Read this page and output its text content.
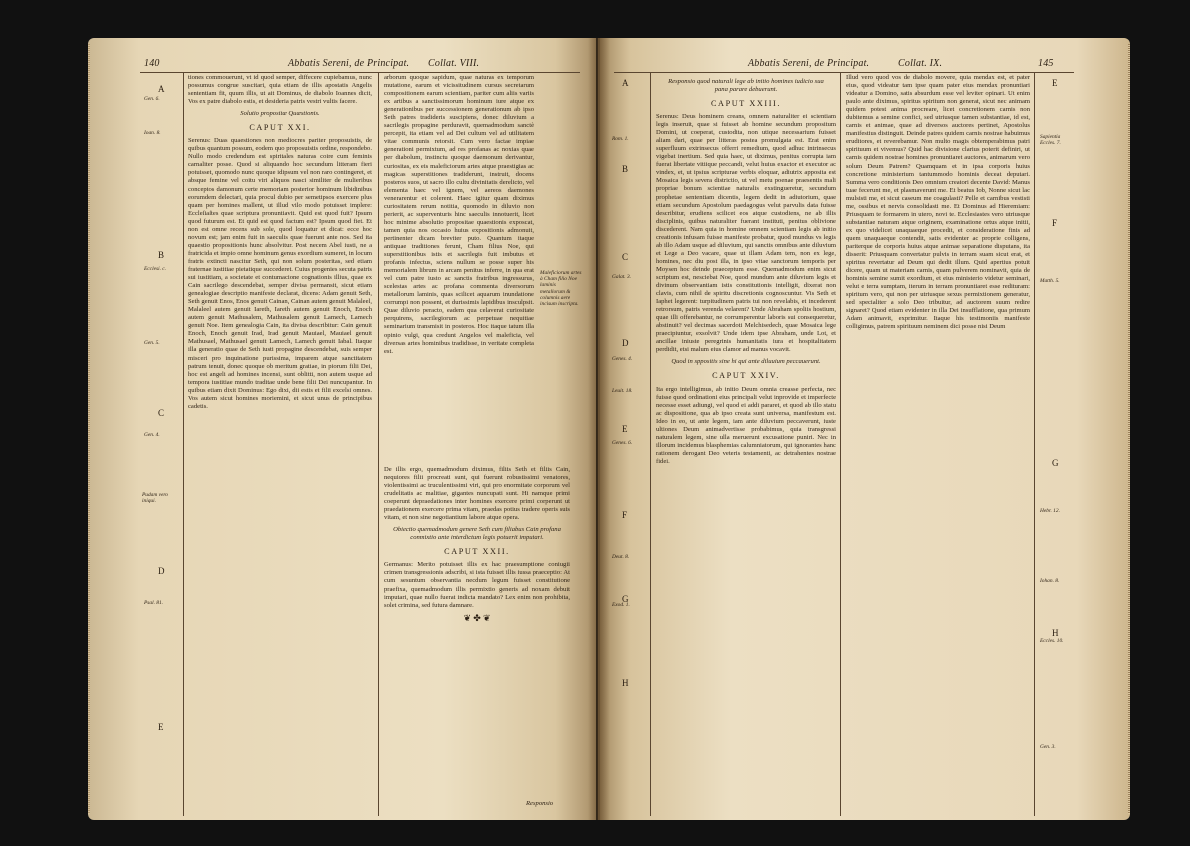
140	Abbatis Sereni, de Principat. Collat. VIII.
A
B
C
D
E
Gen. 6.
Ioan. 8.
Ecclesi. c.
Gen. 5.
Gen. 4.
Pudam vero iniqui.
Psal. 81.
tiones commouerunt, vt id quod semper, diffecere cupiebamus, nunc possumus congrue suscitari, quia etiam de illis apostatis Angelis sententiam fit, quum illis, ut ait Dominus, de diabolo Ioannes dicit, Vos ex patre diabolo estis, et desideria patris vestri vultis facere.
Solutio propositæ Quæstionis.
CAPUT XXI.
Serenus: Duas quaestiones non mediocres pariter proposuistis, de quibus quantum possum, eodem quo proposuistis ordine, respondebo. Nullo modo credendum est spiritales naturas coire cum feminis carnaliter posse. Quod si aliquando hoc secundum litteram fieri potuisset, quomodo nunc quoque idipsum vel non raro contingeret, et absque femine vel coitu viri aliquos nasci similiter de mulieribus conceptos damonum certe memoriam posterior hominum libidinibus eorumdem delectari, quia procul dubio per semetipsos exercere plus quam per homines mallent, ut illud vilo modo potuisset implere: Eccleſiaſtes quae scriptura pronuntiavit. Quid est quod fuit? Ipsum quod futurum est. Et quid est quod factum est? Ipsum quod fiet. Et non est omne recens sub sole, quod loquatur et dicat: ecce hoc novum est; jam enim fuit in saeculis quae fuerunt ante nos. Sed ita quaestio propositionis hunc absolvitur. Post necem Abel iusti, ne a fratricida et impio omne hominum genus exordium sumeret, in locum fratris extincti nascitur Seth, qui non solum posteritas, sed etiam fraternae iustitiae pietatique succederet. Cuius progenies secuta patris sui iustitiam, a societate et contumacione cognationis illius, quae ex Cain sacrilego descendebat, semper divisa permansit, sicut etiam genealogiae descriptio manifeste declarat, dicens: Adam genuit Seth, Seth genuit Enos, Enos genuit Cainan, Cainan autem genuit Malaleel, Malaleel autem genuit Iareth, Iareth autem genuit Enoch, Enoch autem genuit Mathusalem, Mathusalem genuit Lamech, Lamech genuit Noe. Item genealogia Cain, ita divisa describitur: Cain genuit Enoch, Enoch genuit Irad, Irad genuit Mauiael, Mauiael genuit Mathusael, Mathusael genuit Lamech, Lamech genuit Iabal. Itaque illa generatio quae de Seth iusti propagine descendebat, suis semper misceri pro inquinatione purissima, imparem atque sanctitatem patrum tenuit, donec quoque ob meritum gratiae, in piorum filii Dei, hoc est angeli ad homines incensi, sunt oblitti, non autem usque ad tempora iustitiae mundo traditae unde bene filii Dei nuncupantur. In quibus etiam dixit Dominus: Ego dixi, dii estis et filii excelsi omnes. Vos autem sicut homines moriemini, et sicut unus de principibus cadetis.
arborum quoque sapidum, quae naturas ex temporum mutatione, earum et vicissitudinem cursus secretarum compositionem earum scientiam, pariter cum aliis variis ex artibus a sanctissimorum hominum iure atque ex generationibus per successionem generationum ab ipso Seth patres tradideris suscipiens, donec diluvium a sacrilegis propagine perduravit, quemadmodum sanctè percepit, ita etiam vel ad Dei cultum vel ad utilitatem vitae communis retorsit. Cum vero factae impiae generationi permixtum, ad res profanas ac noxias quae per diabolum, instinctu quoque daemonum derivantur, curiositas, ex eis maleficiorum artes atque praestigias ac magicas superstitiones tradiderunt, instruit, docens posteros suos, ut sacro illo cultu divinitatis derelicto, vel elementa haec vel ignem, vel aereos daemones venerarentur et colerent. Haec igitur quam diximus curiositatem rerum notitia, quomodo in diluvio non perierit, ac superventuris hinc saeculis innotuerit, licet hoc minime absolutio propositae quaestionis exposcat, tamen quia nos occasio huius expositionis admonuit, pertinenter dicam breviter puto. Quantum itaque antiquae traditiones ferunt, Cham filius Noe, qui superstitionibus istis et sacrilegis fuit imbutus et profanis infectus, sciens nullum se posse super his memorialem librum in arcam penitus inferre, in qua erat vel cum patre iusto ac sanctis fratribus ingressurus, scelestas artes ac profana commenta diversorum metallorum laminis, quas scilicet aquarum inundatione corrumpi non possent, et durissimis lapidibus insculpsit. Quae diluvio peracto, eadem qua celaverat curiositate perquirens, sacrilegiorum ac perpetuae nequitiae seminarium transmisit in posteros. Hoc itaque tatum illa opinio vulgi, qua credunt Angelos vel maleficia, vel diversas artes hominibus tradidisse, in veritate completa est.
Maleficiorum artes à Cham filio Noe laminis metallorum & columnis aere incisum inscripta.
De illis ergo, quemadmodum diximus, filiis Seth et filiis Cain, nequiores filii procreati sunt, qui fuerunt robustissimi venatores, violentissimi ac truculentissimi viri, qui pro enormitate corporum vel crudelitatis ac malitiae, gigantes nuncupati sunt. Hi namque primi coeperunt depraedationes inter homines exercere primi corperunt ut praedationem exercere prima vitam, praedas potius tradere operis suis vitam, et non sine negotiantium labore atque opera.
Obiectio quemadmodum genere Seth cum filiabus Cain profana conmixtio ante interdictum legis potuerit imputari.
CAPUT XXII.
Germanus: Merito potuisset illis ex hac praesumptione coniugii crimen transgressionis adscribi, si ista fuisset illis iussa praeceptio: At cum sesuntum observantia necdum legum fuisset constitutione praefixa, quemadmodum illis permixtio generis ad noxam debuit imputari, quae nullo fuerat indicta mandato? Lex enim non prohibita, solet crimina, sed futura damnare.
❦ ✤ ❦
Responsio
Abbatis Sereni, de Principat.	Collat. IX.	145
A
B
C
D
E
F
G
H
Rom. 1.
Galat. 3.
Genes. 4.
Leuit. 18.
Genes. 6.
Deut. 8.
Exod. 1.
E
F
G
H
Sapientia Eccles. 7.
Matth. 5.
Hebr. 12.
Iohan. 8.
Eccles. 10.
Gen. 3.
Responsio quod naturali lege ab initio homines iudicio sua pana parare debuerunt.
CAPUT XXIII.
Serenus: Deus hominem creans, omnem naturaliter ei scientiam legis inseruit, quae si fuisset ab homine secundum propositum Domini, ut coeperat, custodita, non utique necessarium fuisset aliam dari, quae per litteras postea promulgata est. Erat enim superfluum extrinsecus offerri remedium, quod adhuc intrinsecus vigebat inertium. Sed quia haec, ut diximus, penitus corrupta iam fuerat libertate vitiique peccandi, velut huius exactor et executor ac vindex, et, ut ipsius scripturae verbis eloquar, adiutrix apposita est Mosaica legis severa districtio, ut vel metu poenae praesentis mali propriae bonum scientiae naturalis exstingueretur, secundum prophetae sententiam dicentis, legem dedit in adiutorium, quae etiam secundum Apostolum paedagogus velut parvulis data fuisse describitur, erudiens scilicet eos atque custodiens, ne ab illis disciplinis, quibus naturaliter fuerant instituti, penitus oblivione discederent. Nam quia in homine omnem scientiam legis ab initio creationis infusam fuisse manifeste probatur, quod mundus vs legis ab illo Adam usque ad diluvium, qui sanctis omnibus ante diluvium et Lege a Deo vacare, quae ut illam Adam tem, non ex lege, homines, nec diu post illa, in ipso vitae sanctorum temporis per Moysen hoc deinde praeceptum esse. Quemadmodum enim sicut scriptum est, nesciebat Noe, quod mundum ante diluvium legis et divinum observantiam istis constitutionis intelligit, dixerat non clavis, cum nihil de spiritu discretionis cognoscuntur. Vis Seth et Iaphet legerent: turpitudinem patris tui non revelabis, et incederent retrorsum, patris verenda velarent? Unde Abraham spoliis hostium, quae illi offerebantur, ne corrumperentur laboris sui consequeretur, abstinuit? vel decimas sacerdoti Melchisedech, quae Mosaica lege praecipiuntur, exsolvit? Unde idem ipse Abraham, unde Lot, et ancillae iniuste peregrinis humanitatis iura et hospitalitatem perdidit, etsi malum eius clamor ad manus vocavit.
Quod in sppositis sine hi qui ante diluuium peccauerunt.
CAPUT XXIV.
Ita ergo intelligimus, ab initio Deum omnia creasse perfecta, nec fuisse quod ordinationi eius principali velut inprovide et imperfecte necesse esset adiungi, vel quod ei addi pararet, et quod ab illo statu ac dispositione, qua ab ipso creata sunt universa, manifestum est. Ideo in eo, ut ante legem, iam ante diluvium peccaverunt, iuste ultiones Deum animadvertisse probabimus, quia transgressi naturalem legem, sine ulla meruerunt excusatione puniri. Nec in illorum incidemus blasphemias calumniatorum, qui ignorantes hanc rationem derogant Deo veteris testamenti, ac detrahentes nostrae fidei.
Illud vero quod vos de diabolo movere, quia mendax est, et pater eius, quod videatur tam ipse quam pater eius mendax pronuntiari videatur a Domino, satis absurdum esse vel leviter opinari. Ut enim paulo ante diximus, spiritus spiritum non generat, sicut nec animam quidem potest anima procreare, licet concretionem carnis non dubitemus a semine confici, sed utriusque tamen substantiae, id est, carnis et animae, quae ad diversos auctores pertinet, Apostolus manifestius distinguit. Deinde patres quidem carnis nostrae habuimus eruditores, et reverebamur. Non multo magis obtemperabimus patri spirituum et vivemus? Quid hac divisione clarius poterit definiri, ut carnis quidem nostrae homines pronuntiaret auctores, animarum vero solum Deum Patrem? Quamquam et in ipsa corporis huius concretione ministerium tantummodo hominis deceat deputari. Summa vero conditionis Deo omnium creatori decente David: Manus tuae fecerunt me, et plasmaverunt me. Et beatus Iob, Nonne sicut lac mulsisti me, et sicut caseum me coagulasti? Pelle et carnibus vestisti me, ossibus et nervis consolidasti me. Et Dominus ad Hieremiam: Priusquam te formarem in utero, novi te. Ecclesiastes vero utriusque substantiae naturam atque originem, examinatione ortus atque initii, ex quo videlicet unaquaeque procedit, et consideratione finis ad quem unaquaeque contendit, satis evidenter ac proprie colligens, pariterque de corporis huius atque animae separatione disputans, ita disserit: Priusquam convertatur pulvis in terram suam sicut erat, et spiritus revertatur ad Deum qui dedit illum. Quid apertius potuit dicere, quam ut materiam carnis, quam pulverem nominavit, quia de hominis semine sumit exordium, et eius ministerio videtur seminari, velut e terra sumptam, iterum in terram pronuntiaret esse redituram: spiritum vero, qui non per utriusque sexus permixtionem generatur, sed specialiter a solo Deo tribuitur, ad auctorem suum redire signaret? Quod etiam evidenter in illa Dei insufflatione, qua primum Adam animavit, exprimitur. Itaque his testimoniis manifeste colligimus, patrem spirituum neminem dici posse nisi Deum
